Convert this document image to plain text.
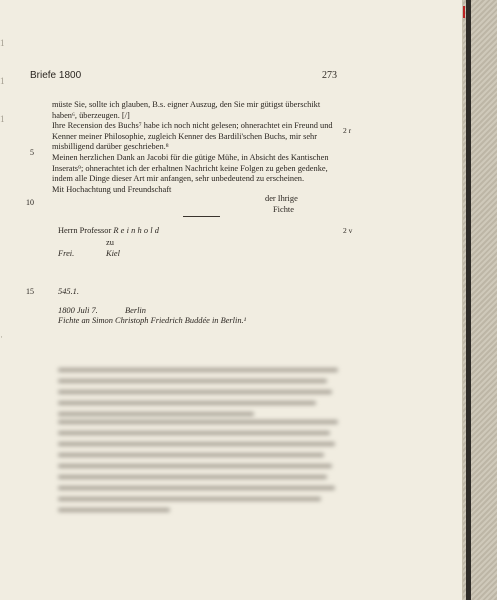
1
1
1
·
Briefe 1800	273
müste Sie, sollte ich glauben, B.s. eigner Auszug, den Sie mir gütigst überschikt
haben⁶, überzeugen. [/]
Ihre Recension des Buchs⁷ habe ich noch nicht gelesen; ohnerachtet ein Freund und
Kenner meiner Philosophie, zugleich Kenner des Bardili'schen Buchs, mir sehr
misbilligend darüber geschrieben.⁸
Meinen herzlichen Dank an Jacobi für die gütige Mühe, in Absicht des Kantischen
Inserats⁹; ohnerachtet ich der erhaltnen Nachricht keine Folgen zu geben gedenke,
indem alle Dinge dieser Art mir anfangen, sehr unbedeutend zu erscheinen.
Mit Hochachtung und Freundschaft
5
10
2 r
2 v
der Ihrige
Fichte
Herrn Professor Reinhold
zu
Frei.	Kiel
15	545.1.
1800 Juli 7.	Berlin
Fichte an Simon Christoph Friedrich Buddée in Berlin.¹
